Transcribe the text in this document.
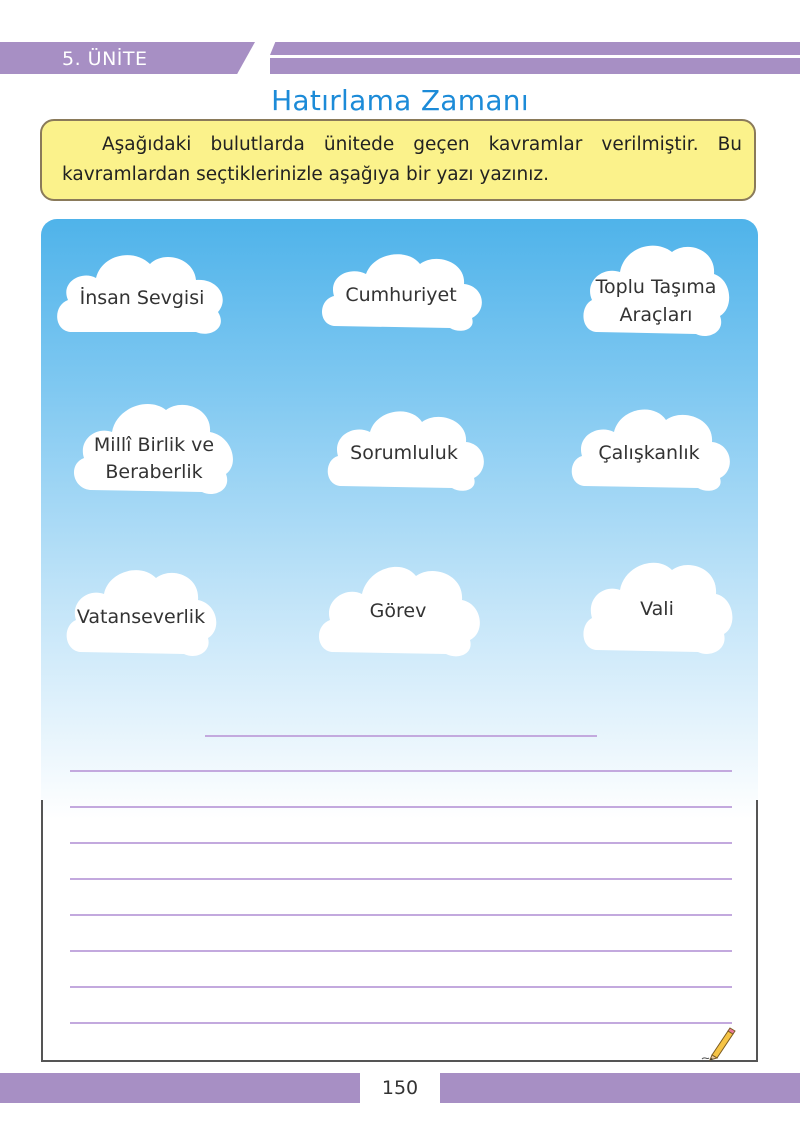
5. ÜNİTE
Hatırlama Zamanı
Aşağıdaki bulutlarda ünitede geçen kavramlar verilmiştir. Bu kavramlardan seçtiklerinizle aşağıya bir yazı yazınız.
İnsan Sevgisi	Cumhuriyet	Toplu Taşıma
Araçları
Millî Birlik ve
Beraberlik
Sorumluluk	Çalışkanlık
Vatanseverlik	Görev	Vali
150
